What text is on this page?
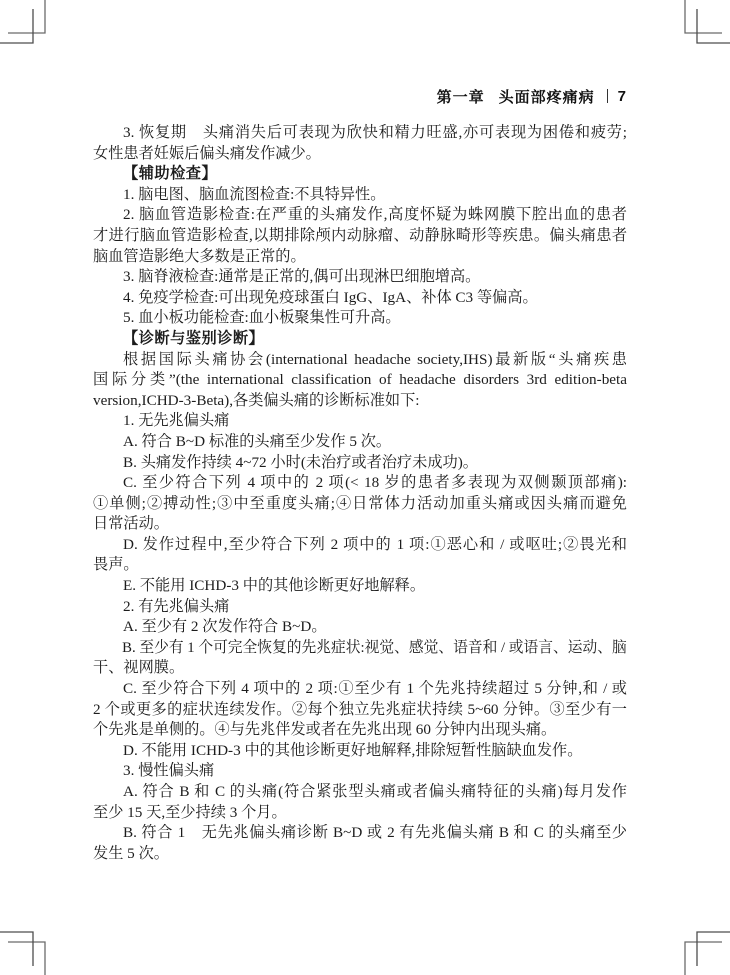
第一章 头面部疼痛病 7
3. 恢复期　头痛消失后可表现为欣快和精力旺盛,亦可表现为困倦和疲劳;
女性患者妊娠后偏头痛发作减少。
【辅助检查】
1. 脑电图、脑血流图检查:不具特异性。
2. 脑血管造影检查:在严重的头痛发作,高度怀疑为蛛网膜下腔出血的患者
才进行脑血管造影检查,以期排除颅内动脉瘤、动静脉畸形等疾患。偏头痛患者
脑血管造影绝大多数是正常的。
3. 脑脊液检查:通常是正常的,偶可出现淋巴细胞增高。
4. 免疫学检查:可出现免疫球蛋白 IgG、IgA、补体 C3 等偏高。
5. 血小板功能检查:血小板聚集性可升高。
【诊断与鉴别诊断】
根据国际头痛协会(international headache society,IHS)最新版“头痛疾患
国际分类”(the international classification of headache disorders 3rd edition-beta
version,ICHD-3-Beta),各类偏头痛的诊断标准如下:
1. 无先兆偏头痛
A. 符合 B~D 标准的头痛至少发作 5 次。
B. 头痛发作持续 4~72 小时(未治疗或者治疗未成功)。
C. 至少符合下列 4 项中的 2 项(< 18 岁的患者多表现为双侧颞顶部痛):
①单侧;②搏动性;③中至重度头痛;④日常体力活动加重头痛或因头痛而避免
日常活动。
D. 发作过程中,至少符合下列 2 项中的 1 项:①恶心和 / 或呕吐;②畏光和
畏声。
E. 不能用 ICHD-3 中的其他诊断更好地解释。
2. 有先兆偏头痛
A. 至少有 2 次发作符合 B~D。
B. 至少有 1 个可完全恢复的先兆症状:视觉、感觉、语音和 / 或语言、运动、脑
干、视网膜。
C. 至少符合下列 4 项中的 2 项:①至少有 1 个先兆持续超过 5 分钟,和 / 或
2 个或更多的症状连续发作。②每个独立先兆症状持续 5~60 分钟。③至少有一
个先兆是单侧的。④与先兆伴发或者在先兆出现 60 分钟内出现头痛。
D. 不能用 ICHD-3 中的其他诊断更好地解释,排除短暂性脑缺血发作。
3. 慢性偏头痛
A. 符合 B 和 C 的头痛(符合紧张型头痛或者偏头痛特征的头痛)每月发作
至少 15 天,至少持续 3 个月。
B. 符合 1　无先兆偏头痛诊断 B~D 或 2 有先兆偏头痛 B 和 C 的头痛至少
发生 5 次。
